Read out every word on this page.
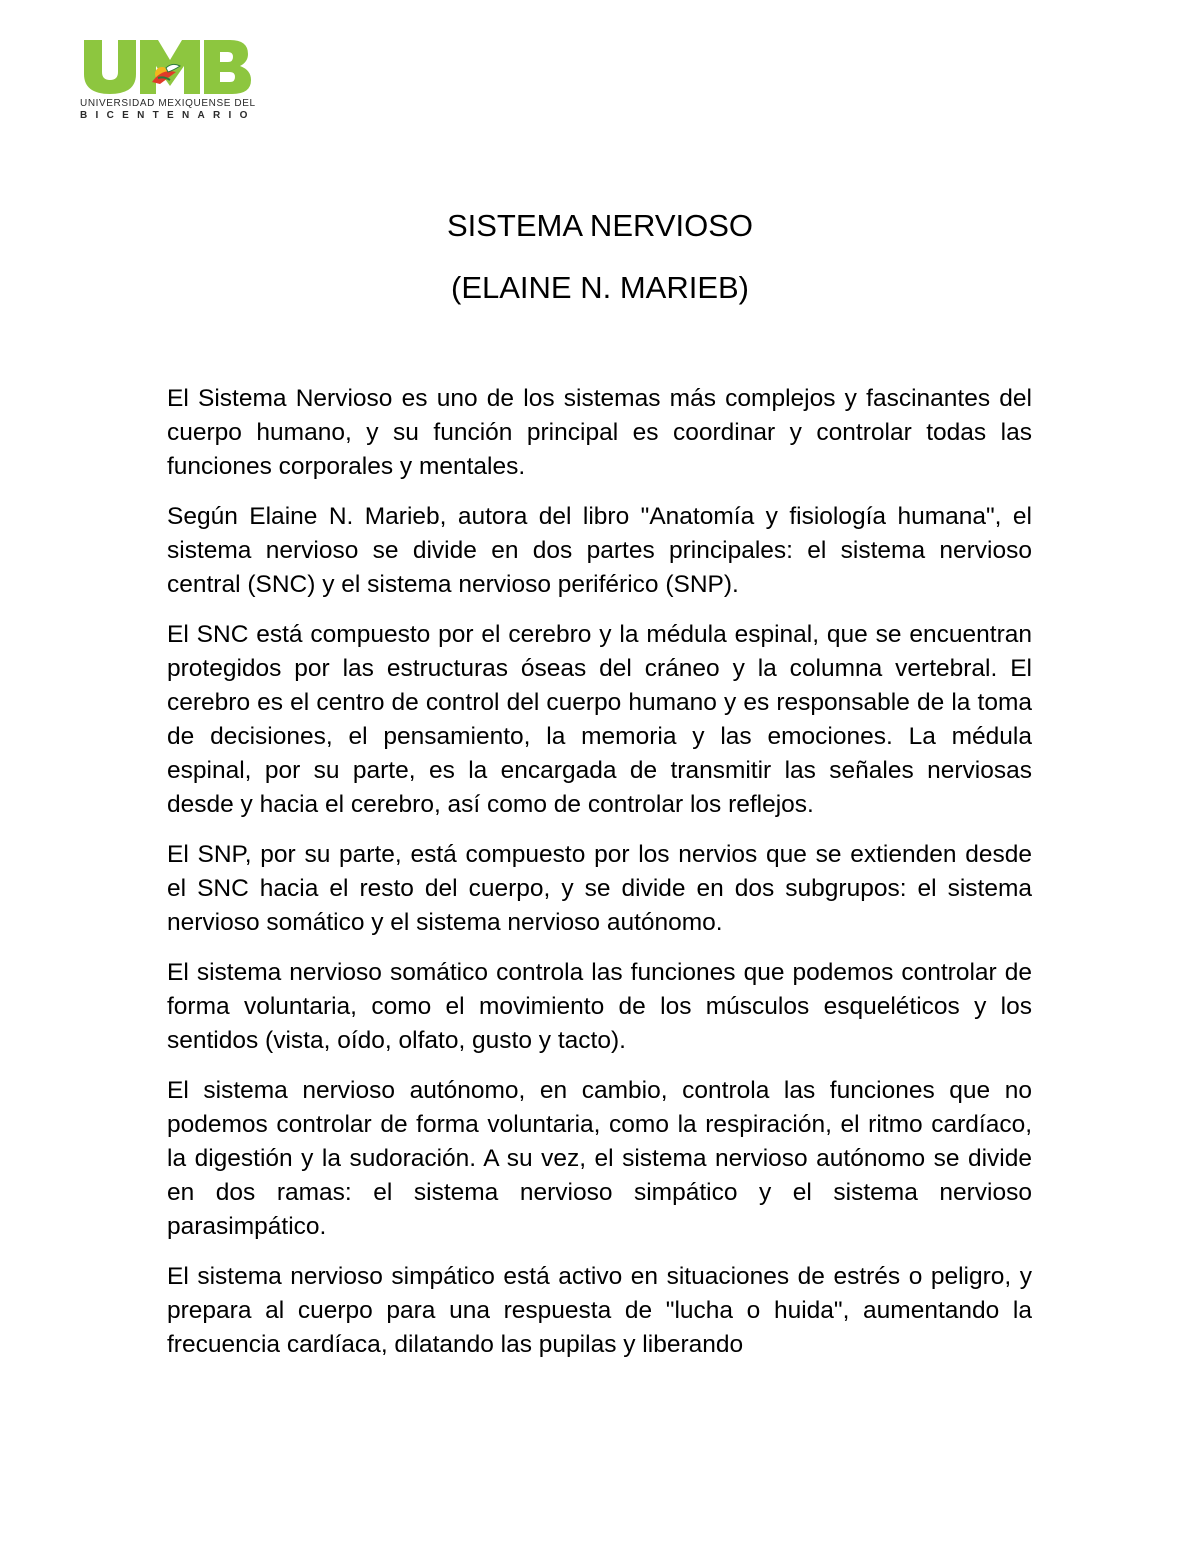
UNIVERSIDAD MEXIQUENSE DEL
BICENTENARIO
SISTEMA NERVIOSO
(ELAINE N. MARIEB)

El Sistema Nervioso es uno de los sistemas más complejos y fascinantes del cuerpo humano, y su función principal es coordinar y controlar todas las funciones corporales y mentales.

Según Elaine N. Marieb, autora del libro "Anatomía y fisiología humana", el sistema nervioso se divide en dos partes principales: el sistema nervioso central (SNC) y el sistema nervioso periférico (SNP).

El SNC está compuesto por el cerebro y la médula espinal, que se encuentran protegidos por las estructuras óseas del cráneo y la columna vertebral. El cerebro es el centro de control del cuerpo humano y es responsable de la toma de decisiones, el pensamiento, la memoria y las emociones. La médula espinal, por su parte, es la encargada de transmitir las señales nerviosas desde y hacia el cerebro, así como de controlar los reflejos.

El SNP, por su parte, está compuesto por los nervios que se extienden desde el SNC hacia el resto del cuerpo, y se divide en dos subgrupos: el sistema nervioso somático y el sistema nervioso autónomo.

El sistema nervioso somático controla las funciones que podemos controlar de forma voluntaria, como el movimiento de los músculos esqueléticos y los sentidos (vista, oído, olfato, gusto y tacto).

El sistema nervioso autónomo, en cambio, controla las funciones que no podemos controlar de forma voluntaria, como la respiración, el ritmo cardíaco, la digestión y la sudoración. A su vez, el sistema nervioso autónomo se divide en dos ramas: el sistema nervioso simpático y el sistema nervioso parasimpático.

El sistema nervioso simpático está activo en situaciones de estrés o peligro, y prepara al cuerpo para una respuesta de "lucha o huida", aumentando la frecuencia cardíaca, dilatando las pupilas y liberando
